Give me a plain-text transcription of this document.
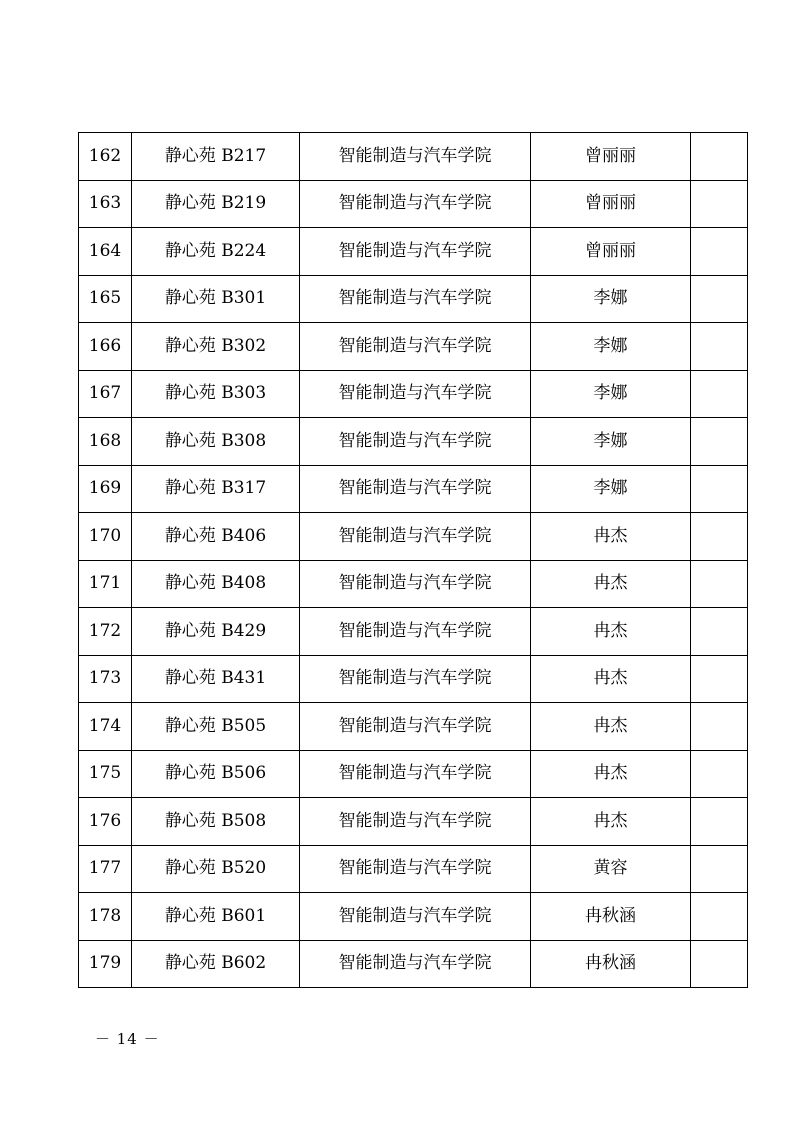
162	静心苑 B217	智能制造与汽车学院	曾丽丽	
163	静心苑 B219	智能制造与汽车学院	曾丽丽	
164	静心苑 B224	智能制造与汽车学院	曾丽丽	
165	静心苑 B301	智能制造与汽车学院	李娜	
166	静心苑 B302	智能制造与汽车学院	李娜	
167	静心苑 B303	智能制造与汽车学院	李娜	
168	静心苑 B308	智能制造与汽车学院	李娜	
169	静心苑 B317	智能制造与汽车学院	李娜	
170	静心苑 B406	智能制造与汽车学院	冉杰	
171	静心苑 B408	智能制造与汽车学院	冉杰	
172	静心苑 B429	智能制造与汽车学院	冉杰	
173	静心苑 B431	智能制造与汽车学院	冉杰	
174	静心苑 B505	智能制造与汽车学院	冉杰	
175	静心苑 B506	智能制造与汽车学院	冉杰	
176	静心苑 B508	智能制造与汽车学院	冉杰	
177	静心苑 B520	智能制造与汽车学院	黄容	
178	静心苑 B601	智能制造与汽车学院	冉秋涵	
179	静心苑 B602	智能制造与汽车学院	冉秋涵	
－ 14 －
